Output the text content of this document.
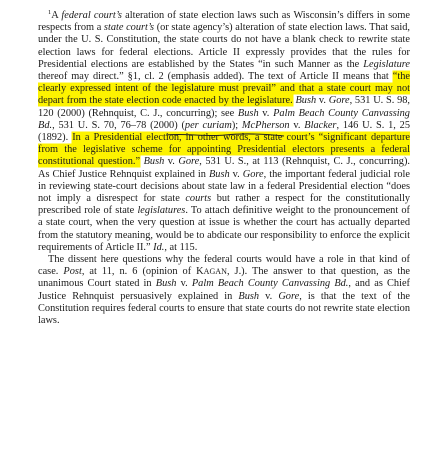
$^1$A federal court’s alteration of state election laws such as Wisconsin’s differs in some respects from a state court’s (or state agency’s) alteration of state election laws. That said, under the U. S. Constitution, the state courts do not have a blank check to rewrite state election laws for federal elections. Article II expressly provides that the rules for Presidential elections are established by the States “in such Manner as the Legislature thereof may direct.” §1, cl. 2 (emphasis added). The text of Article II means that “the clearly expressed intent of the legislature must prevail” and that a state court may not depart from the state election code enacted by the legislature. Bush v. Gore, 531 U. S. 98, 120 (2000) (Rehnquist, C. J., concurring); see Bush v. Palm Beach County Canvassing Bd., 531 U. S. 70, 76–78 (2000) (per curiam); McPherson v. Blacker, 146 U. S. 1, 25 (1892). In a Presidential election, in other words, a state court’s “significant departure from the legislative scheme for appointing Presidential electors presents a federal constitutional question.” Bush v. Gore, 531 U. S., at 113 (Rehnquist, C. J., concurring). As Chief Justice Rehnquist explained in Bush v. Gore, the important federal judicial role in reviewing state-court decisions about state law in a federal Presidential election “does not imply a disrespect for state courts but rather a respect for the constitutionally prescribed role of state legislatures. To attach definitive weight to the pronouncement of a state court, when the very question at issue is whether the court has actually departed from the statutory meaning, would be to abdicate our responsibility to enforce the explicit requirements of Article II.” Id., at 115.

The dissent here questions why the federal courts would have a role in that kind of case. Post, at 11, n. 6 (opinion of KAGAN, J.). The answer to that question, as the unanimous Court stated in Bush v. Palm Beach County Canvassing Bd., and as Chief Justice Rehnquist persuasively explained in Bush v. Gore, is that the text of the Constitution requires federal courts to ensure that state courts do not rewrite state election laws.
